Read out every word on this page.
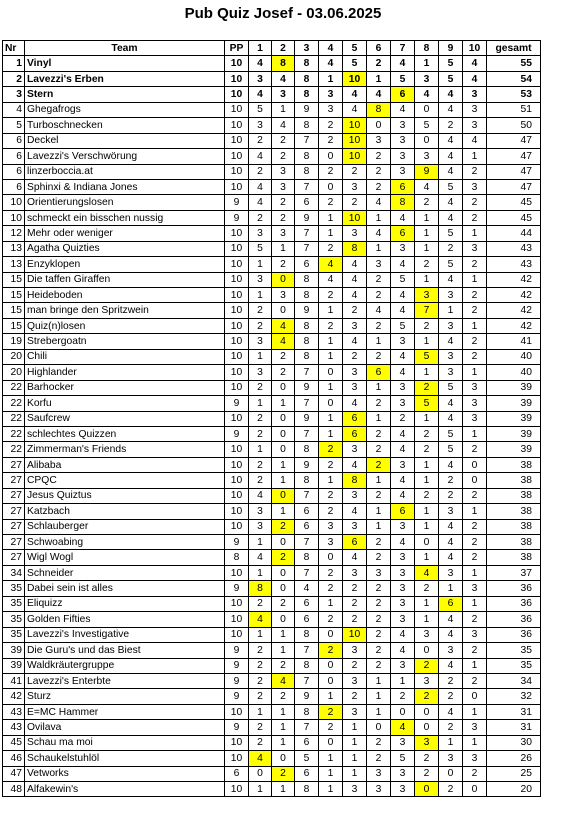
Pub Quiz Josef - 03.06.2025
Nr	Team	PP	1	2	3	4	5	6	7	8	9	10	gesamt
1	Vinyl	10	4	8	8	4	5	2	4	1	5	4	55
2	Lavezzi's Erben	10	3	4	8	1	10	1	5	3	5	4	54
3	Stern	10	4	3	8	3	4	4	6	4	4	3	53
4	Ghegafrogs	10	5	1	9	3	4	8	4	0	4	3	51
5	Turboschnecken	10	3	4	8	2	10	0	3	5	2	3	50
6	Deckel	10	2	2	7	2	10	3	3	0	4	4	47
6	Lavezzi's Verschwörung	10	4	2	8	0	10	2	3	3	4	1	47
6	linzerboccia.at	10	2	3	8	2	2	2	3	9	4	2	47
6	Sphinxi & Indiana Jones	10	4	3	7	0	3	2	6	4	5	3	47
10	Orientierungslosen	9	4	2	6	2	2	4	8	2	4	2	45
10	schmeckt ein bisschen nussig	9	2	2	9	1	10	1	4	1	4	2	45
12	Mehr oder weniger	10	3	3	7	1	3	4	6	1	5	1	44
13	Agatha Quizties	10	5	1	7	2	8	1	3	1	2	3	43
13	Enzyklopen	10	1	2	6	4	4	3	4	2	5	2	43
15	Die taffen Giraffen	10	3	0	8	4	4	2	5	1	4	1	42
15	Heideboden	10	1	3	8	2	4	2	4	3	3	2	42
15	man bringe den Spritzwein	10	2	0	9	1	2	4	4	7	1	2	42
15	Quiz(n)losen	10	2	4	8	2	3	2	5	2	3	1	42
19	Strebergoatn	10	3	4	8	1	4	1	3	1	4	2	41
20	Chili	10	1	2	8	1	2	2	4	5	3	2	40
20	Highlander	10	3	2	7	0	3	6	4	1	3	1	40
22	Barhocker	10	2	0	9	1	3	1	3	2	5	3	39
22	Korfu	9	1	1	7	0	4	2	3	5	4	3	39
22	Saufcrew	10	2	0	9	1	6	1	2	1	4	3	39
22	schlechtes Quizzen	9	2	0	7	1	6	2	4	2	5	1	39
22	Zimmerman's Friends	10	1	0	8	2	3	2	4	2	5	2	39
27	Alibaba	10	2	1	9	2	4	2	3	1	4	0	38
27	CPQC	10	2	1	8	1	8	1	4	1	2	0	38
27	Jesus Quiztus	10	4	0	7	2	3	2	4	2	2	2	38
27	Katzbach	10	3	1	6	2	4	1	6	1	3	1	38
27	Schlauberger	10	3	2	6	3	3	1	3	1	4	2	38
27	Schwoabing	9	1	0	7	3	6	2	4	0	4	2	38
27	Wigl Wogl	8	4	2	8	0	4	2	3	1	4	2	38
34	Schneider	10	1	0	7	2	3	3	3	4	3	1	37
35	Dabei sein ist alles	9	8	0	4	2	2	2	3	2	1	3	36
35	Eliquizz	10	2	2	6	1	2	2	3	1	6	1	36
35	Golden Fifties	10	4	0	6	2	2	2	3	1	4	2	36
35	Lavezzi's Investigative	10	1	1	8	0	10	2	4	3	4	3	36
39	Die Guru's und das Biest	9	2	1	7	2	3	2	4	0	3	2	35
39	Waldkräutergruppe	9	2	2	8	0	2	2	3	2	4	1	35
41	Lavezzi's Enterbte	9	2	4	7	0	3	1	1	3	2	2	34
42	Sturz	9	2	2	9	1	2	1	2	2	2	0	32
43	E=MC Hammer	10	1	1	8	2	3	1	0	0	4	1	31
43	Ovilava	9	2	1	7	2	1	0	4	0	2	3	31
45	Schau ma moi	10	2	1	6	0	1	2	3	3	1	1	30
46	Schaukelstuhlöl	10	4	0	5	1	1	2	5	2	3	3	26
47	Vetworks	6	0	2	6	1	1	3	3	2	0	2	25
48	Alfakewin's	10	1	1	8	1	3	3	3	0	2	0	20
